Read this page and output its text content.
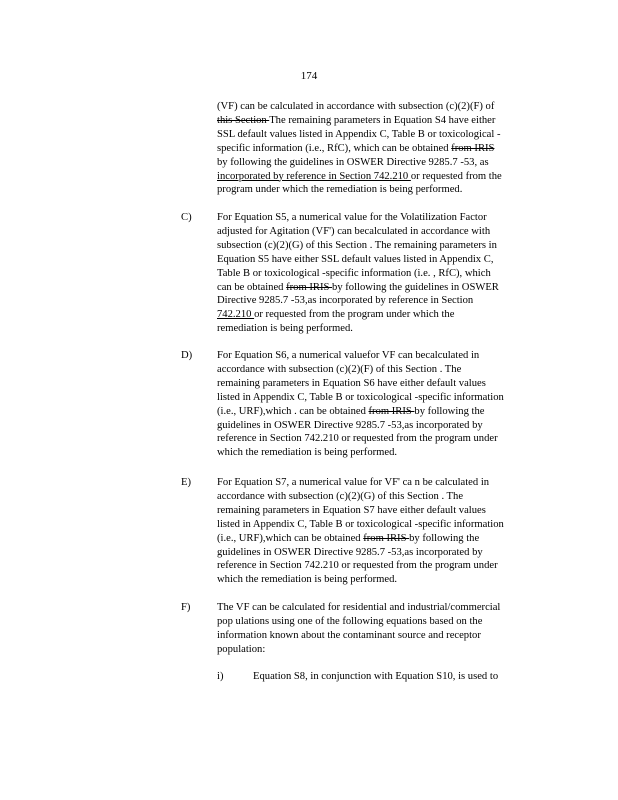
174
(VF) can be calculated in accordance with subsection (c)(2)(F) of
this Section The remaining parameters in Equation S4 have either
SSL default values listed in Appendix C, Table B or toxicological -
specific information (i.e., RfC), which can be obtained from IRIS
by following the guidelines in OSWER Directive 9285.7 -53, as
incorporated by reference in Section 742.210 or requested from the
program under which the remediation is being performed.
C) For Equation S5, a numerical value for the Volatilization Factor
adjusted for Agitation (VF') can becalculated in accordance with
subsection (c)(2)(G) of this Section . The remaining parameters in
Equation S5 have either SSL default values listed in Appendix C,
Table B or toxicological -specific information (i.e. , RfC), which
can be obtained from IRIS by following the guidelines in OSWER
Directive 9285.7 -53,as incorporated by reference in Section
742.210 or requested from the program under which the
remediation is being performed.
D) For Equation S6, a numerical valuefor VF can becalculated in
accordance with subsection (c)(2)(F) of this Section . The
remaining parameters in Equation S6 have either default values
listed in Appendix C, Table B or toxicological -specific information
(i.e., URF),which . can be obtained from IRIS by following the
guidelines in OSWER Directive 9285.7 -53,as incorporated by
reference in Section 742.210 or requested from the program under
which the remediation is being performed.
E) For Equation S7, a numerical value for VF' ca n be calculated in
accordance with subsection (c)(2)(G) of this Section . The
remaining parameters in Equation S7 have either default values
listed in Appendix C, Table B or toxicological -specific information
(i.e., URF),which can be obtained from IRIS by following the
guidelines in OSWER Directive 9285.7 -53,as incorporated by
reference in Section 742.210 or requested from the program under
which the remediation is being performed.
F)	The VF can be calculated for residential and industrial/commercial
pop ulations using one of the following equations based on the
information known about the contaminant source and receptor
population:
i)	Equation S8, in conjunction with Equation S10, is used to
